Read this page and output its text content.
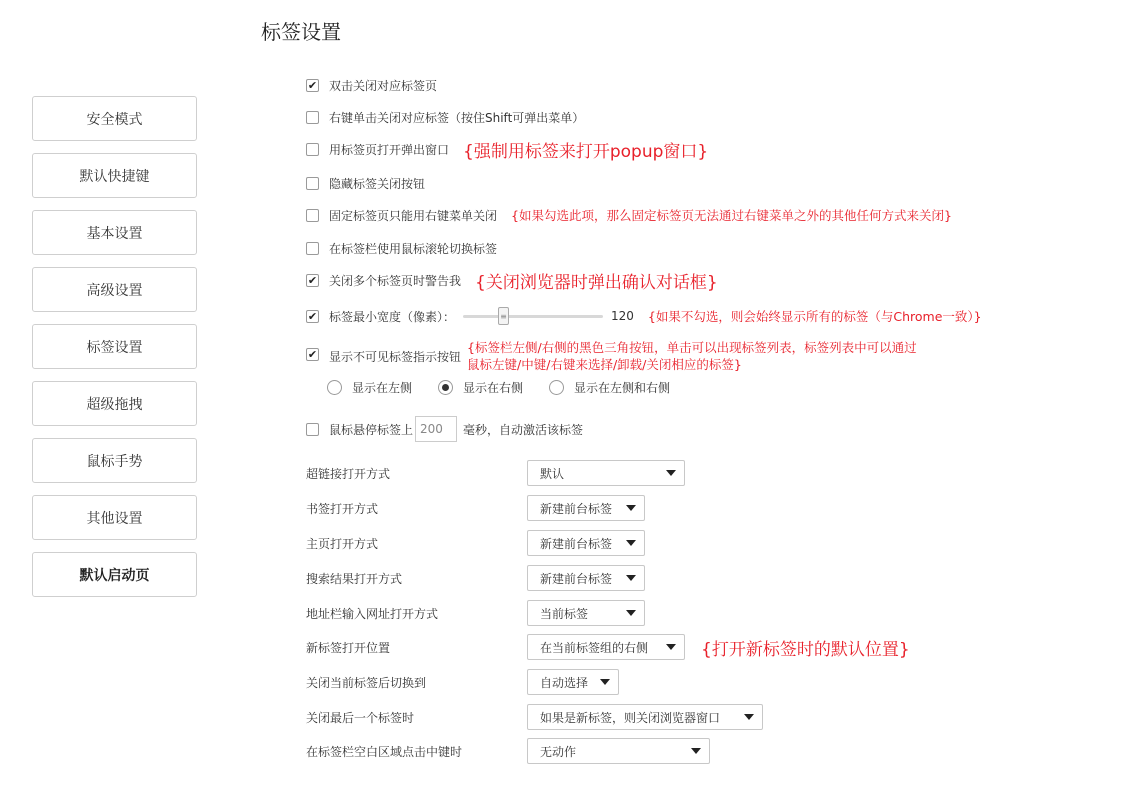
标签设置
安全模式
默认快捷键
基本设置
高级设置
标签设置
超级拖拽
鼠标手势
其他设置
默认启动页
✔ 双击关闭对应标签页
右键单击关闭对应标签（按住Shift可弹出菜单）
用标签页打开弹出窗口 {强制用标签来打开popup窗口}
隐藏标签关闭按钮
固定标签页只能用右键菜单关闭 {如果勾选此项，那么固定标签页无法通过右键菜单之外的其他任何方式来关闭}
在标签栏使用鼠标滚轮切换标签
✔ 关闭多个标签页时警告我 {关闭浏览器时弹出确认对话框}
✔ 标签最小宽度（像素）：	≡	120 {如果不勾选，则会始终显示所有的标签（与Chrome一致）}
✔ 显示不可见标签指示按钮
{标签栏左侧/右侧的黑色三角按钮，单击可以出现标签列表，标签列表中可以通过
鼠标左键/中键/右键来选择/卸载/关闭相应的标签}
显示在左侧	显示在右侧	显示在左侧和右侧
鼠标悬停标签上 200	毫秒，自动激活该标签
超链接打开方式	默认
书签打开方式	新建前台标签
主页打开方式	新建前台标签
搜索结果打开方式	新建前台标签
地址栏输入网址打开方式	当前标签
新标签打开位置	在当前标签组的右侧	{打开新标签时的默认位置}
关闭当前标签后切换到	自动选择
关闭最后一个标签时	如果是新标签，则关闭浏览器窗口
在标签栏空白区域点击中键时	无动作
